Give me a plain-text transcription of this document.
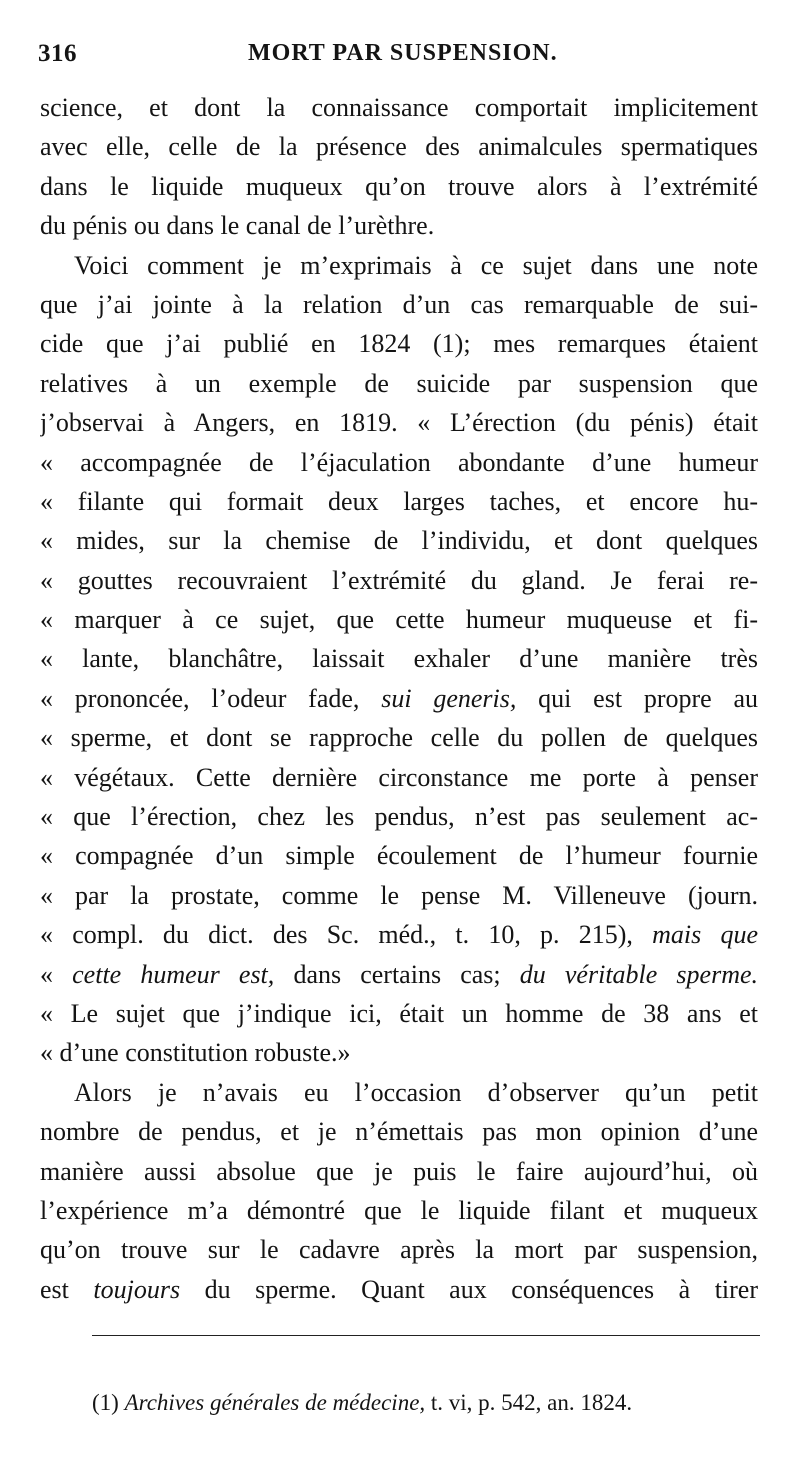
316	MORT PAR SUSPENSION.
science, et dont la connaissance comportait implicitement
avec elle, celle de la présence des animalcules spermatiques
dans le liquide muqueux qu’on trouve alors à l’extrémité
du pénis ou dans le canal de l’urèthre.
Voici comment je m’exprimais à ce sujet dans une note
que j’ai jointe à la relation d’un cas remarquable de sui-
cide que j’ai publié en 1824 (1); mes remarques étaient
relatives à un exemple de suicide par suspension que
j’observai à Angers, en 1819. « L’érection (du pénis) était
« accompagnée de l’éjaculation abondante d’une humeur
« filante qui formait deux larges taches, et encore hu-
« mides, sur la chemise de l’individu, et dont quelques
« gouttes recouvraient l’extrémité du gland. Je ferai re-
« marquer à ce sujet, que cette humeur muqueuse et fi-
« lante, blanchâtre, laissait exhaler d’une manière très
« prononcée, l’odeur fade, sui generis, qui est propre au
« sperme, et dont se rapproche celle du pollen de quelques
« végétaux. Cette dernière circonstance me porte à penser
« que l’érection, chez les pendus, n’est pas seulement ac-
« compagnée d’un simple écoulement de l’humeur fournie
« par la prostate, comme le pense M. Villeneuve (journ.
« compl. du dict. des Sc. méd., t. 10, p. 215), mais que
« cette humeur est, dans certains cas; du véritable sperme.
« Le sujet que j’indique ici, était un homme de 38 ans et
« d’une constitution robuste.»
Alors je n’avais eu l’occasion d’observer qu’un petit
nombre de pendus, et je n’émettais pas mon opinion d’une
manière aussi absolue que je puis le faire aujourd’hui, où
l’expérience m’a démontré que le liquide filant et muqueux
qu’on trouve sur le cadavre après la mort par suspension,
est toujours du sperme. Quant aux conséquences à tirer
(1) Archives générales de médecine, t. vi, p. 542, an. 1824.
